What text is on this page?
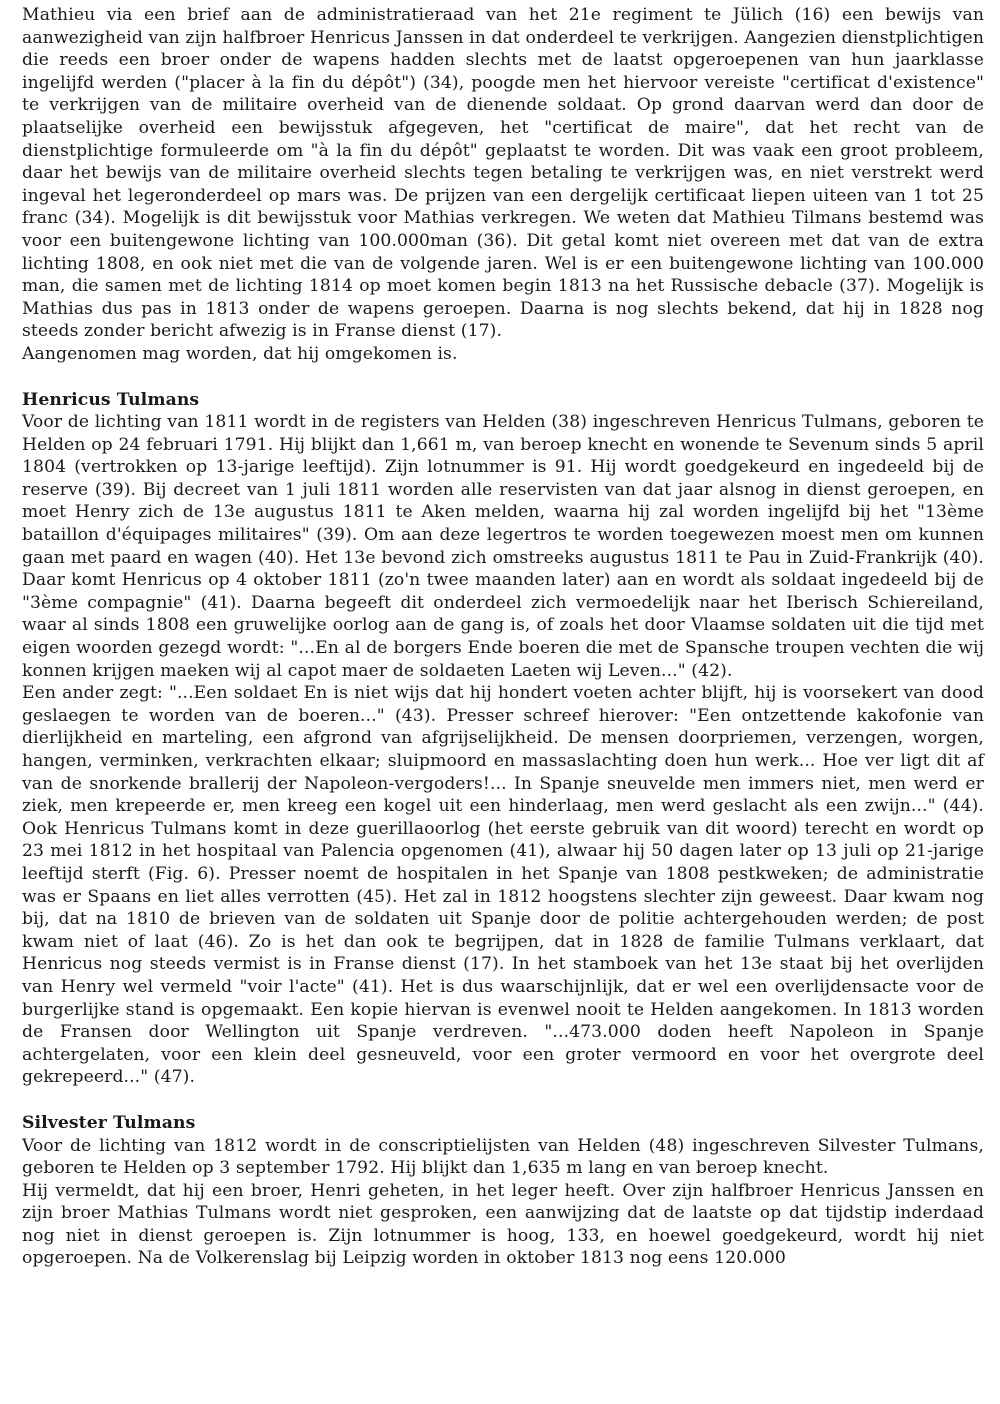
Mathieu via een brief aan de administratieraad van het 21e regiment te Jülich (16) een bewijs van aanwezigheid van zijn halfbroer Henricus Janssen in dat onderdeel te verkrijgen. Aangezien dienstplichtigen die reeds een broer onder de wapens hadden slechts met de laatst opgeroepenen van hun jaarklasse ingelijfd werden ("placer à la fin du dépôt") (34), poogde men het hiervoor vereiste "certificat d'existence" te verkrijgen van de militaire overheid van de dienende soldaat. Op grond daarvan werd dan door de plaatselijke overheid een bewijsstuk afgegeven, het "certificat de maire", dat het recht van de dienstplichtige formuleerde om "à la fin du dépôt" geplaatst te worden. Dit was vaak een groot probleem, daar het bewijs van de militaire overheid slechts tegen betaling te verkrijgen was, en niet verstrekt werd ingeval het legeronderdeel op mars was. De prijzen van een dergelijk certificaat liepen uiteen van 1 tot 25 franc (34). Mogelijk is dit bewijsstuk voor Mathias verkregen. We weten dat Mathieu Tilmans bestemd was voor een buitengewone lichting van 100.000man (36). Dit getal komt niet overeen met dat van de extra lichting 1808, en ook niet met die van de volgende jaren. Wel is er een buitengewone lichting van 100.000 man, die samen met de lichting 1814 op moet komen begin 1813 na het Russische debacle (37). Mogelijk is Mathias dus pas in 1813 onder de wapens geroepen. Daarna is nog slechts bekend, dat hij in 1828 nog steeds zonder bericht afwezig is in Franse dienst (17).

Aangenomen mag worden, dat hij omgekomen is.

Henricus Tulmans

Voor de lichting van 1811 wordt in de registers van Helden (38) ingeschreven Henricus Tulmans, geboren te Helden op 24 februari 1791. Hij blijkt dan 1,661 m, van beroep knecht en wonende te Sevenum sinds 5 april 1804 (vertrokken op 13-jarige leeftijd). Zijn lotnummer is 91. Hij wordt goedgekeurd en ingedeeld bij de reserve (39). Bij decreet van 1 juli 1811 worden alle reservisten van dat jaar alsnog in dienst geroepen, en moet Henry zich de 13e augustus 1811 te Aken melden, waarna hij zal worden ingelijfd bij het "13ème bataillon d'équipages militaires" (39). Om aan deze legertros te worden toegewezen moest men om kunnen gaan met paard en wagen (40). Het 13e bevond zich omstreeks augustus 1811 te Pau in Zuid-Frankrijk (40). Daar komt Henricus op 4 oktober 1811 (zo'n twee maanden later) aan en wordt als soldaat ingedeeld bij de "3ème compagnie" (41). Daarna begeeft dit onderdeel zich vermoedelijk naar het Iberisch Schiereiland, waar al sinds 1808 een gruwelijke oorlog aan de gang is, of zoals het door Vlaamse soldaten uit die tijd met eigen woorden gezegd wordt: "...En al de borgers Ende boeren die met de Spansche troupen vechten die wij konnen krijgen maeken wij al capot maer de soldaeten Laeten wij Leven..." (42).

Een ander zegt: "...Een soldaet En is niet wijs dat hij hondert voeten achter blijft, hij is voorsekert van dood geslaegen te worden van de boeren..." (43). Presser schreef hierover: "Een ontzettende kakofonie van dierlijkheid en marteling, een afgrond van afgrijselijkheid. De mensen doorpriemen, verzengen, worgen, hangen, verminken, verkrachten elkaar; sluipmoord en massaslachting doen hun werk... Hoe ver ligt dit af van de snorkende brallerij der Napoleon-vergoders!... In Spanje sneuvelde men immers niet, men werd er ziek, men krepeerde er, men kreeg een kogel uit een hinderlaag, men werd geslacht als een zwijn..." (44). Ook Henricus Tulmans komt in deze guerillaoorlog (het eerste gebruik van dit woord) terecht en wordt op 23 mei 1812 in het hospitaal van Palencia opgenomen (41), alwaar hij 50 dagen later op 13 juli op 21-jarige leeftijd sterft (Fig. 6). Presser noemt de hospitalen in het Spanje van 1808 pestkweken; de administratie was er Spaans en liet alles verrotten (45). Het zal in 1812 hoogstens slechter zijn geweest. Daar kwam nog bij, dat na 1810 de brieven van de soldaten uit Spanje door de politie achtergehouden werden; de post kwam niet of laat (46). Zo is het dan ook te begrijpen, dat in 1828 de familie Tulmans verklaart, dat Henricus nog steeds vermist is in Franse dienst (17). In het stamboek van het 13e staat bij het overlijden van Henry wel vermeld "voir l'acte" (41). Het is dus waarschijnlijk, dat er wel een overlijdensacte voor de burgerlijke stand is opgemaakt. Een kopie hiervan is evenwel nooit te Helden aangekomen. In 1813 worden de Fransen door Wellington uit Spanje verdreven. "...473.000 doden heeft Napoleon in Spanje achtergelaten, voor een klein deel gesneuveld, voor een groter vermoord en voor het overgrote deel gekrepeerd..." (47).

Silvester Tulmans

Voor de lichting van 1812 wordt in de conscriptielijsten van Helden (48) ingeschreven Silvester Tulmans, geboren te Helden op 3 september 1792. Hij blijkt dan 1,635 m lang en van beroep knecht.

Hij vermeldt, dat hij een broer, Henri geheten, in het leger heeft. Over zijn halfbroer Henricus Janssen en zijn broer Mathias Tulmans wordt niet gesproken, een aanwijzing dat de laatste op dat tijdstip inderdaad nog niet in dienst geroepen is. Zijn lotnummer is hoog, 133, en hoewel goedgekeurd, wordt hij niet opgeroepen. Na de Volkerenslag bij Leipzig worden in oktober 1813 nog eens 120.000
